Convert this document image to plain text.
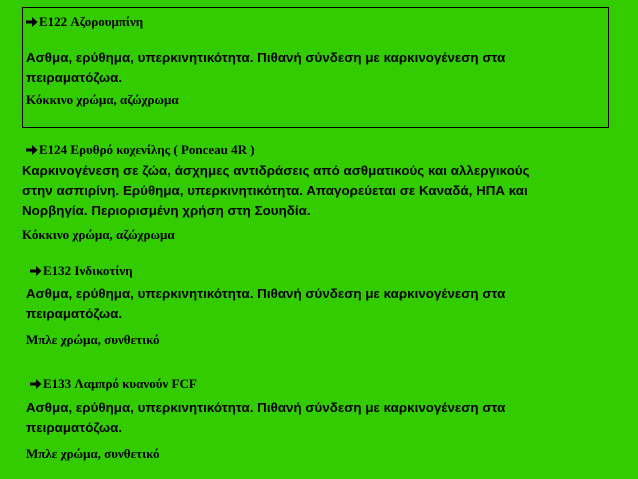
E122 Αζορουμπίνη
Ασθμα, ερύθημα, υπερκινητικότητα. Πιθανή σύνδεση με καρκινογένεση στα
πειραματόζωα.
Κόκκινο χρώμα, αζώχρωμα
E124 Ερυθρό κοχενίλης ( Ponceau 4R )
Καρκινογένεση σε ζώα, άσχημες αντιδράσεις από ασθματικούς και αλλεργικούς
στην ασπιρίνη. Ερύθημα, υπερκινητικότητα. Απαγορεύεται σε Καναδά, ΗΠΑ και
Νορβηγία. Περιορισμένη χρήση στη Σουηδία.
Κόκκινο χρώμα, αζώχρωμα
E132 Ινδικοτίνη
Ασθμα, ερύθημα, υπερκινητικότητα. Πιθανή σύνδεση με καρκινογένεση στα
πειραματόζωα.
Μπλε χρώμα, συνθετικό
E133 Λαμπρό κυανούν FCF
Ασθμα, ερύθημα, υπερκινητικότητα. Πιθανή σύνδεση με καρκινογένεση στα
πειραματόζωα.
Μπλε χρώμα, συνθετικό
